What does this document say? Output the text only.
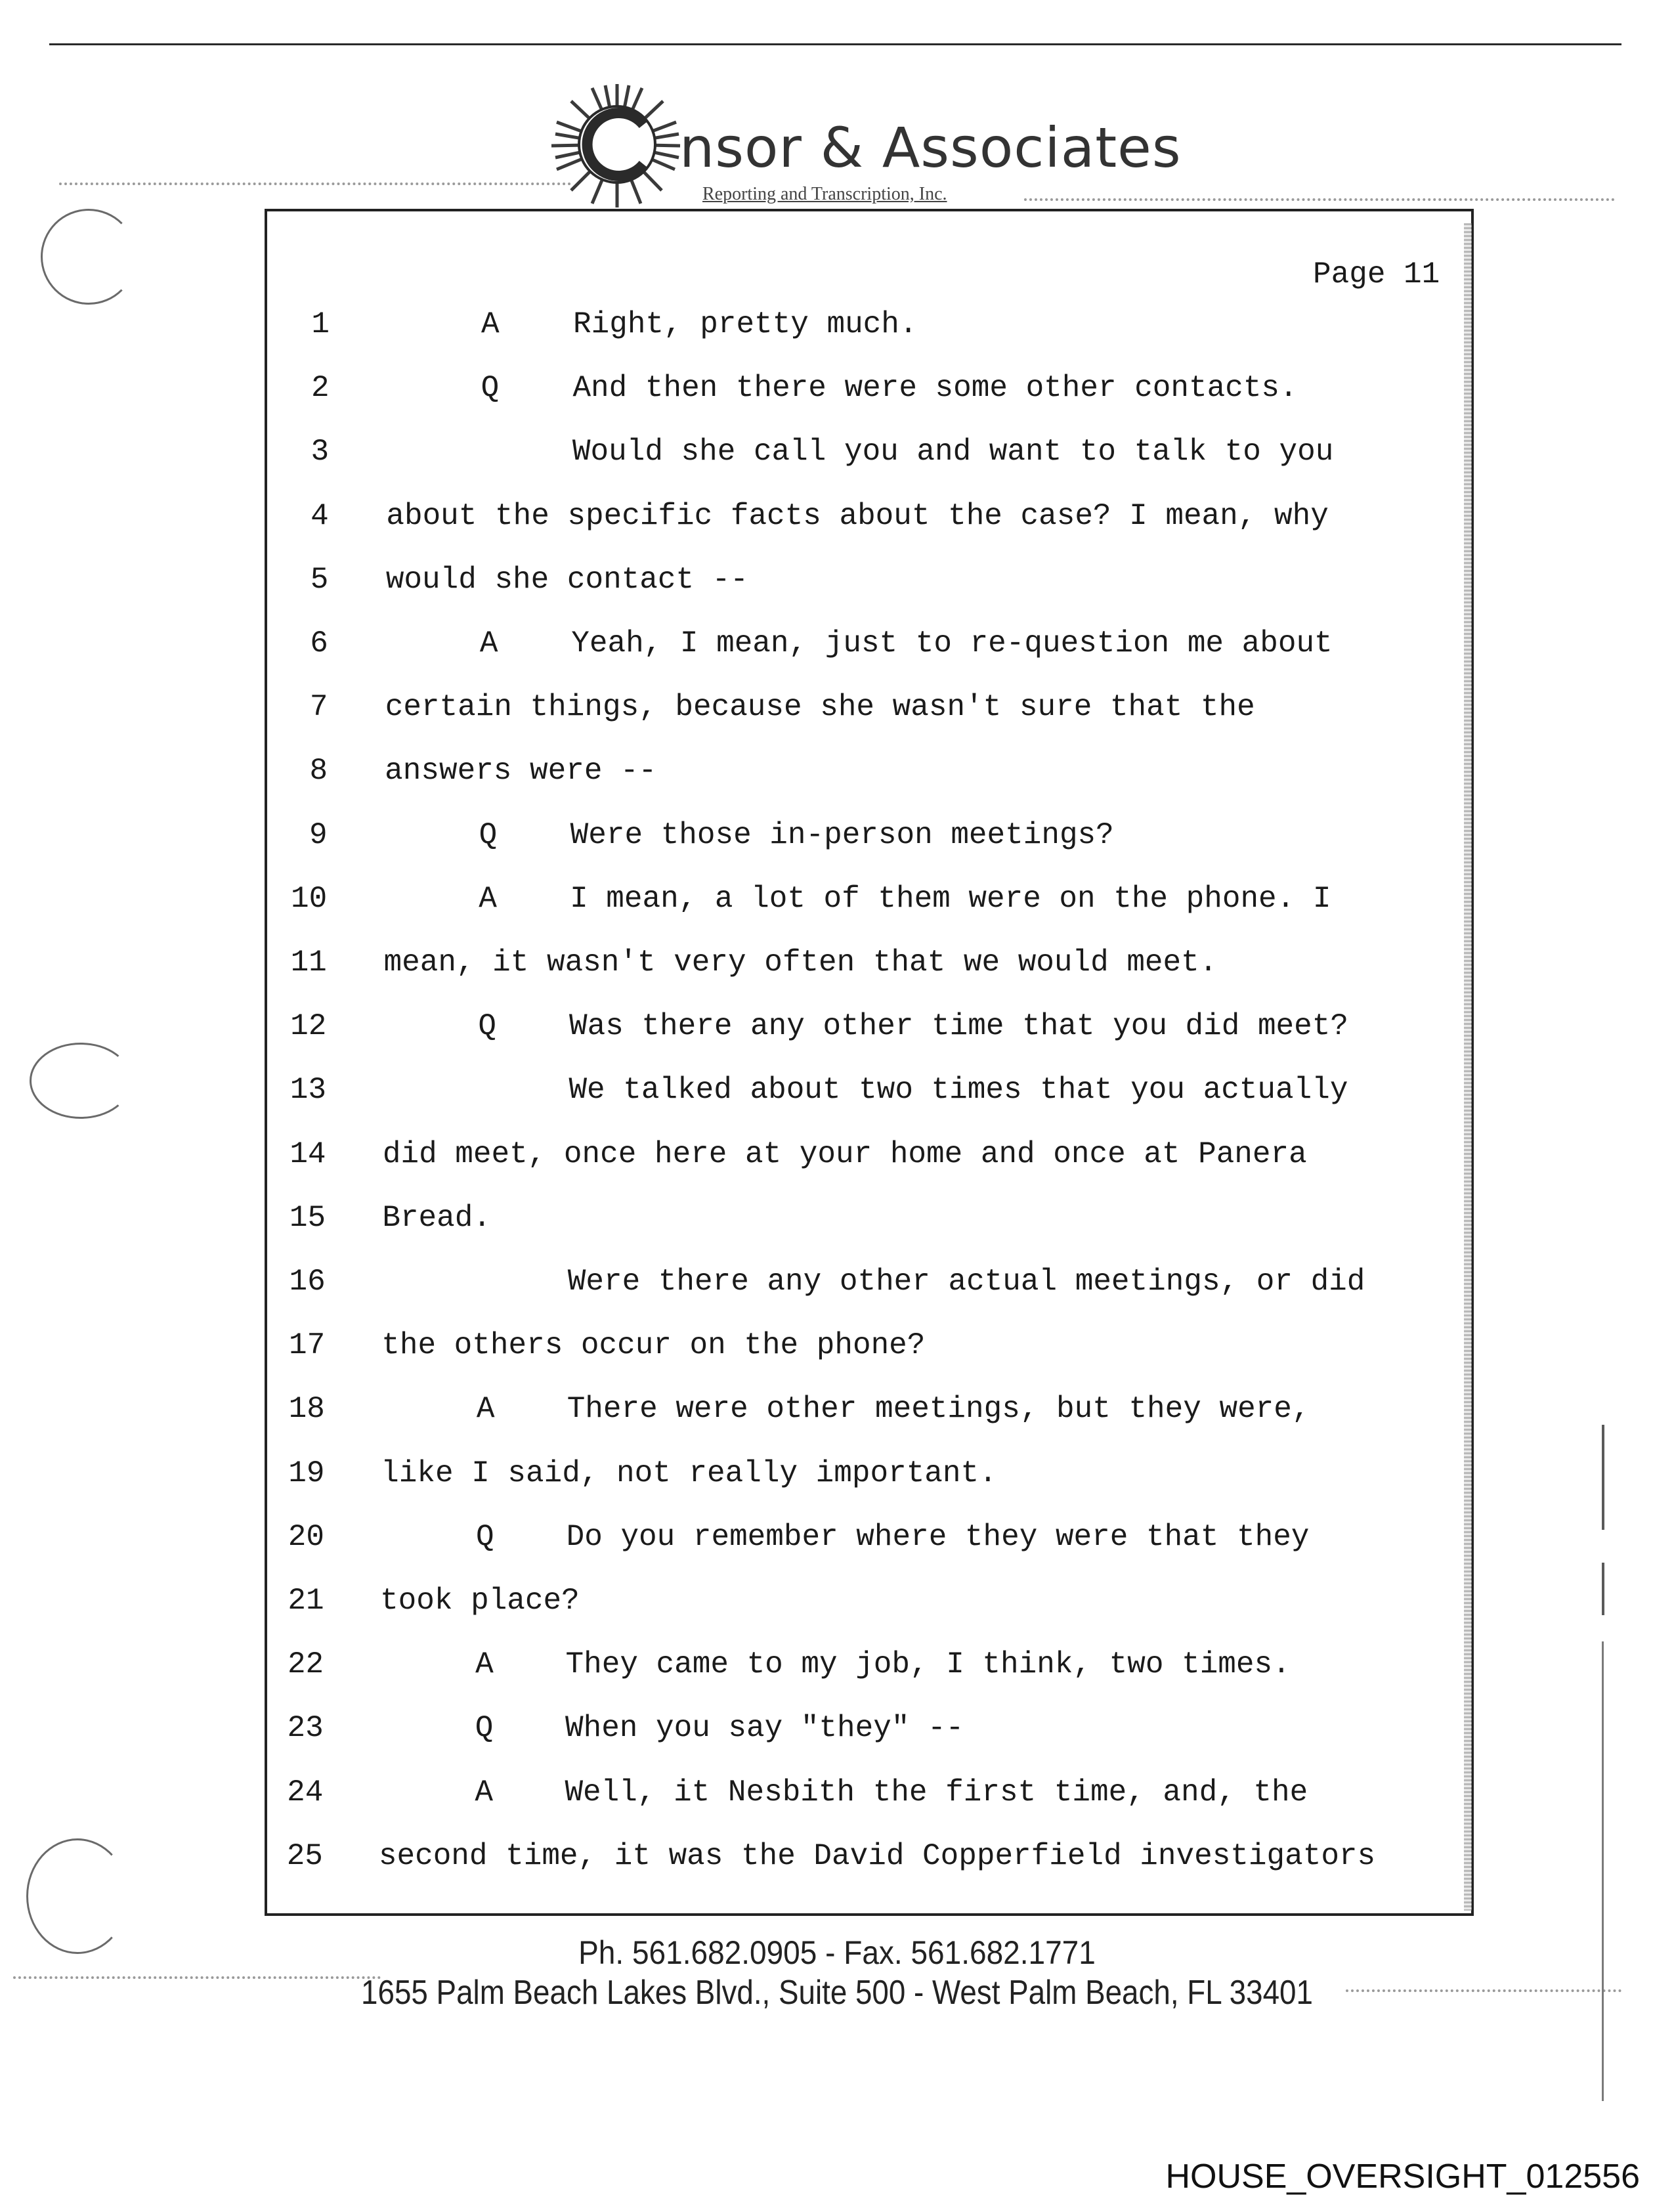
nsor & Associates
Reporting and Transcription, Inc.
Page 11
1	A Right, pretty much.
2	Q And then there were some other contacts.
3	Would she call you and want to talk to you
4 about the specific facts about the case? I mean, why
5 would she contact --
6	A Yeah, I mean, just to re-question me about
7 certain things, because she wasn't sure that the
8 answers were --
9	Q Were those in-person meetings?
10	A I mean, a lot of them were on the phone. I
11 mean, it wasn't very often that we would meet.
12	Q Was there any other time that you did meet?
13	We talked about two times that you actually
14 did meet, once here at your home and once at Panera
15 Bread.
16	Were there any other actual meetings, or did
17 the others occur on the phone?
18	A There were other meetings, but they were,
19 like I said, not really important.
20	Q Do you remember where they were that they
21 took place?
22	A They came to my job, I think, two times.
23	Q When you say "they" --
24	A Well, it Nesbith the first time, and, the
25 second time, it was the David Copperfield investigators
Ph. 561.682.0905 - Fax. 561.682.1771
1655 Palm Beach Lakes Blvd., Suite 500 - West Palm Beach, FL 33401
HOUSE_OVERSIGHT_012556
